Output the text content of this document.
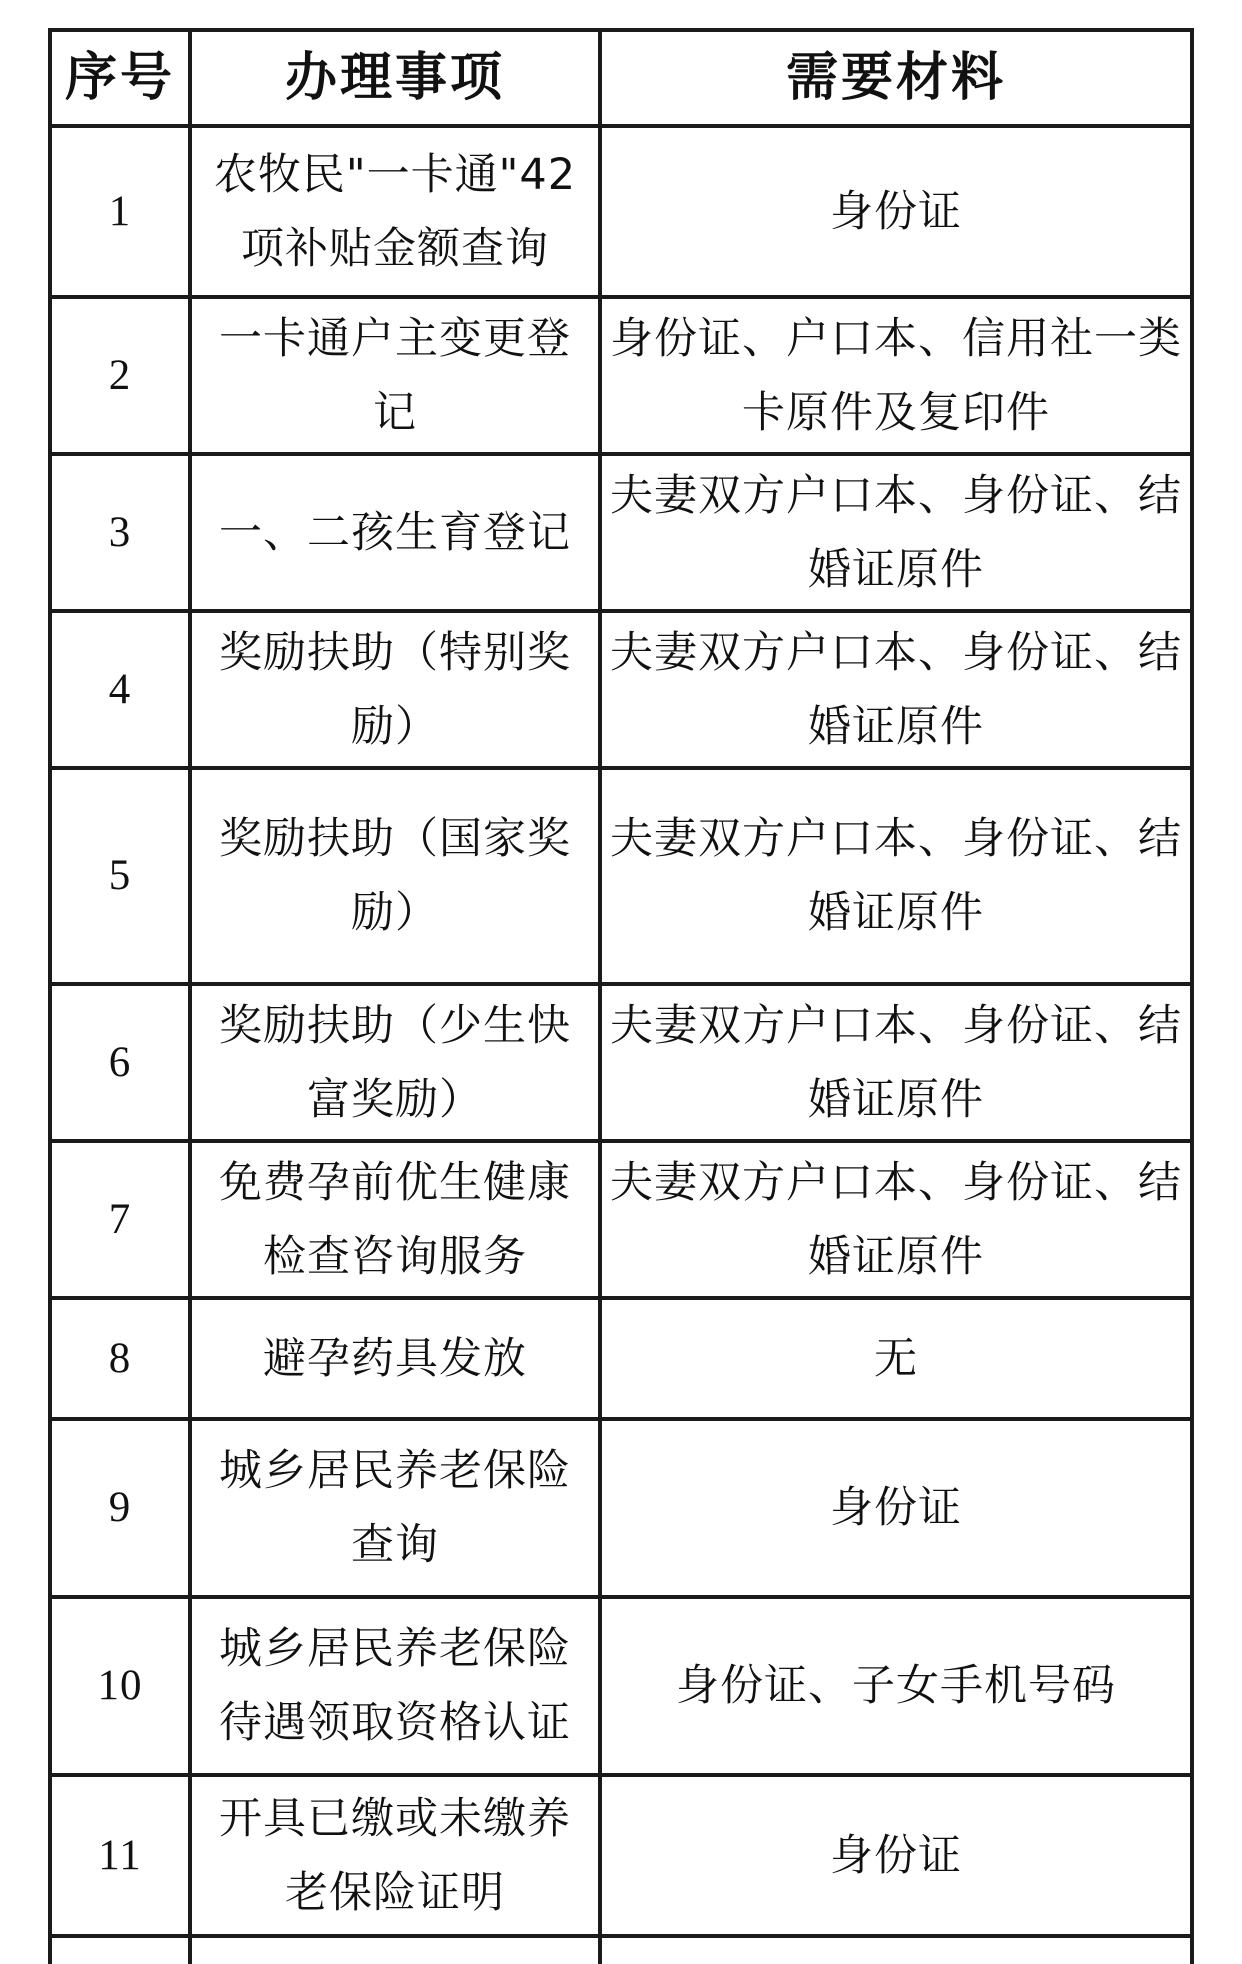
序号	办理事项	需要材料
1	农牧民"一卡通"42项补贴金额查询	身份证
2	一卡通户主变更登记	身份证、户口本、信用社一类卡原件及复印件
3	一、二孩生育登记	夫妻双方户口本、身份证、结婚证原件
4	奖励扶助（特别奖励）	夫妻双方户口本、身份证、结婚证原件
5	奖励扶助（国家奖励）	夫妻双方户口本、身份证、结婚证原件
6	奖励扶助（少生快富奖励）	夫妻双方户口本、身份证、结婚证原件
7	免费孕前优生健康检查咨询服务	夫妻双方户口本、身份证、结婚证原件
8	避孕药具发放	无
9	城乡居民养老保险查询	身份证
10	城乡居民养老保险待遇领取资格认证	身份证、子女手机号码
11	开具已缴或未缴养老保险证明	身份证
